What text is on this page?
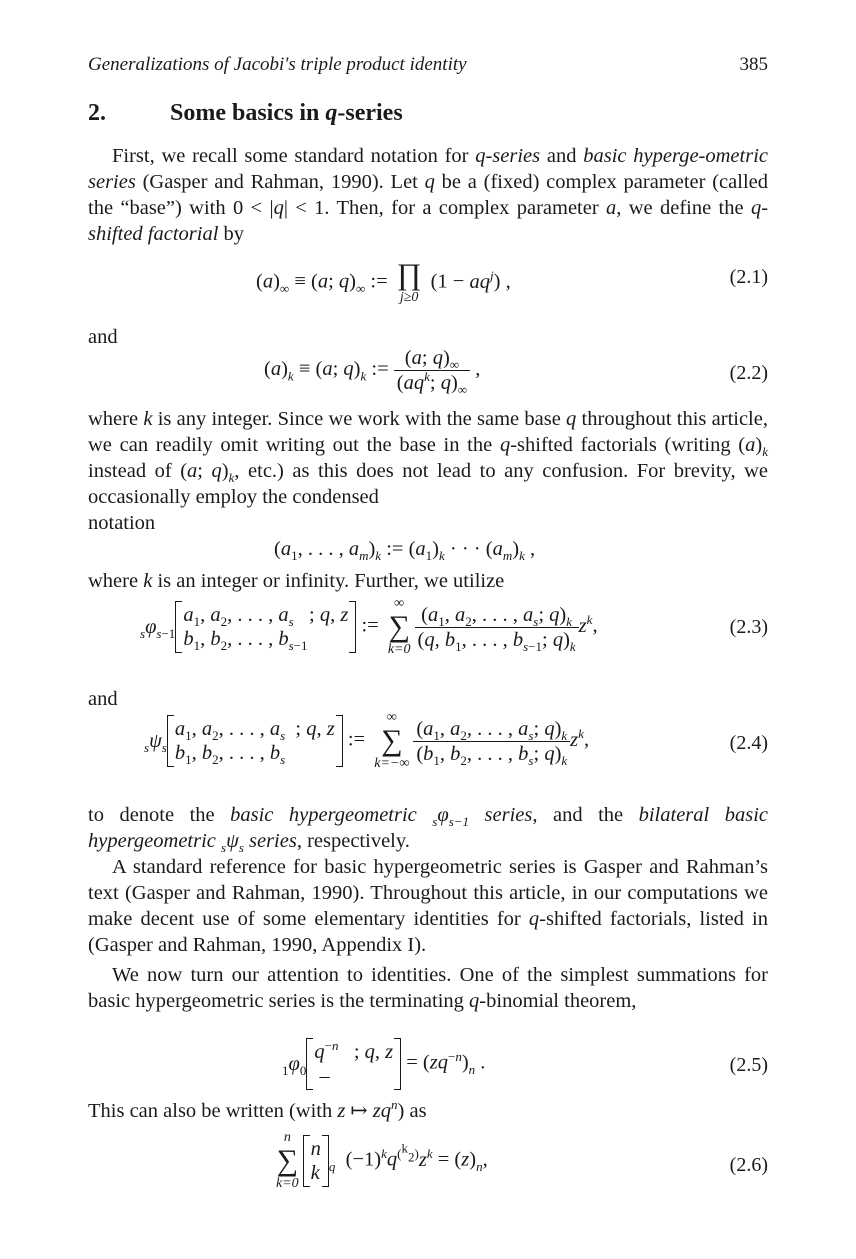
Generalizations of Jacobi's triple product identity	385
2.	Some basics in q-series
First, we recall some standard notation for q-series and basic hyperge-ometric series (Gasper and Rahman, 1990). Let q be a (fixed) complex parameter (called the “base”) with 0 < |q| < 1. Then, for a complex parameter a, we define the q-shifted factorial by
$(a)_\infty \equiv (a$; $q)_\infty$ := ∏
j≥0
$(1 - aq^j)$ ,	(2.1)
and
$(a)_k \equiv (a$; $q)_k$ := $\frac{(a; q)_\infty}{(aq^k; q)_\infty}$ ,	(2.2)
where k is any integer. Since we work with the same base q throughout this article, we can readily omit writing out the base in the q-shifted factorials (writing $(a)_k$ instead of (a; $q)_k$, etc.) as this does not lead to any confusion. For brevity, we occasionally employ the condensed
notation
($a_1$, . . . , $a_m)_k$ := $(a_1)_k$ · · · $(a_m)_k$ ,
where k is an integer or infinity. Further, we utilize
$_s\varphi_{s-1}$
$a_1$, $a_2$, . . . , $a_s$   ; q, z
$b_1$, $b_2$, . . . , $b_{s-1}$
:=
∞
∑
$k=0 \frac{(a_1, a_2, . . . , a_s; q)_k}{(q, b_1, . . . , b_{s-1}; q)_k} z^k$,	(2.3)
and
$_s\psi_s$
$a_1$, $a_2$, . . . , $a_s$  ; q, z
$b_1$, $b_2$, . . . , $b_s$
:=
∞
∑
$k=-\infty \frac{(a_1, a_2, . . . , a_s; q)_k}{(b_1, b_2, . . . , b_s; q)_k} z^k$,	(2.4)
to denote the basic hypergeometric $_s\varphi_{s-1}$ series, and the bilateral basic hypergeometric $_s\psi_s$ series, respectively.
A standard reference for basic hypergeometric series is Gasper and Rahman’s text (Gasper and Rahman, 1990). Throughout this article, in our computations we make decent use of some elementary identities for q-shifted factorials, listed in (Gasper and Rahman, 1990, Appendix I).
We now turn our attention to identities. One of the simplest summations for basic hypergeometric series is the terminating q-binomial theorem,
$_1\varphi_0$
$q^{-n}$   ; q, z
–
= $(zq^{-n})_n$ .	(2.5)
This can also be written (with z ↦ $zq^n$) as
n
∑
k=0
n
k $_q$  $(-1)^kq^{(^k_2)}z^k = (z)_n$,	(2.6)
